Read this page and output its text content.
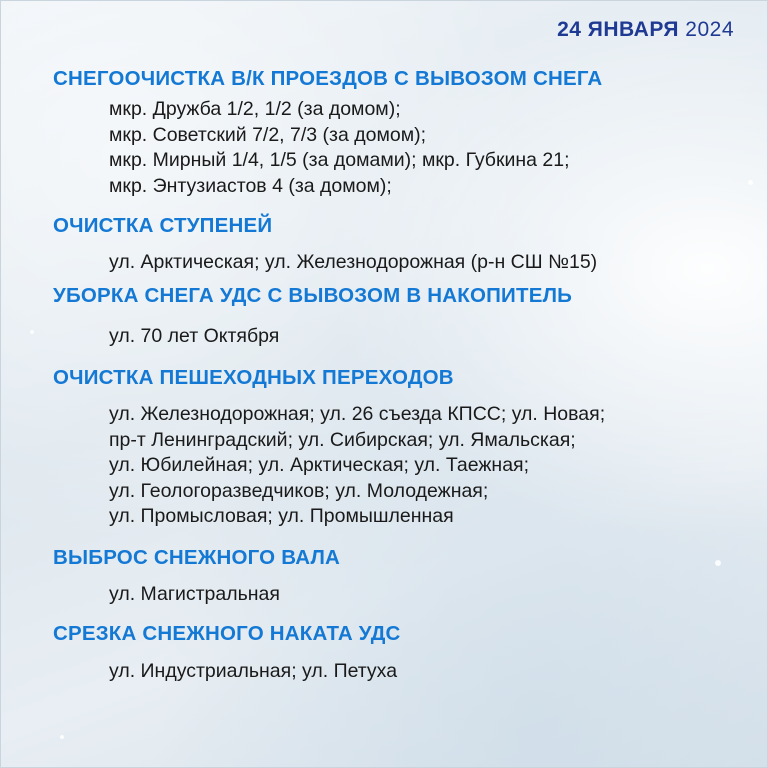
24 ЯНВАРЯ 2024
СНЕГООЧИСТКА В/К ПРОЕЗДОВ С ВЫВОЗОМ СНЕГА
мкр. Дружба 1/2, 1/2 (за домом);
мкр. Советский 7/2, 7/3 (за домом);
мкр. Мирный 1/4, 1/5 (за домами); мкр. Губкина 21;
мкр. Энтузиастов 4 (за домом);
ОЧИСТКА СТУПЕНЕЙ
ул. Арктическая; ул. Железнодорожная (р-н СШ №15)
УБОРКА СНЕГА УДС С ВЫВОЗОМ В НАКОПИТЕЛЬ
ул. 70 лет Октября
ОЧИСТКА ПЕШЕХОДНЫХ ПЕРЕХОДОВ
ул. Железнодорожная; ул. 26 съезда КПСС; ул. Новая;
пр-т Ленинградский; ул. Сибирская; ул. Ямальская;
ул. Юбилейная; ул. Арктическая; ул. Таежная;
ул. Геологоразведчиков; ул. Молодежная;
ул. Промысловая; ул. Промышленная
ВЫБРОС СНЕЖНОГО ВАЛА
ул. Магистральная
СРЕЗКА СНЕЖНОГО НАКАТА УДС
ул. Индустриальная; ул. Петуха
